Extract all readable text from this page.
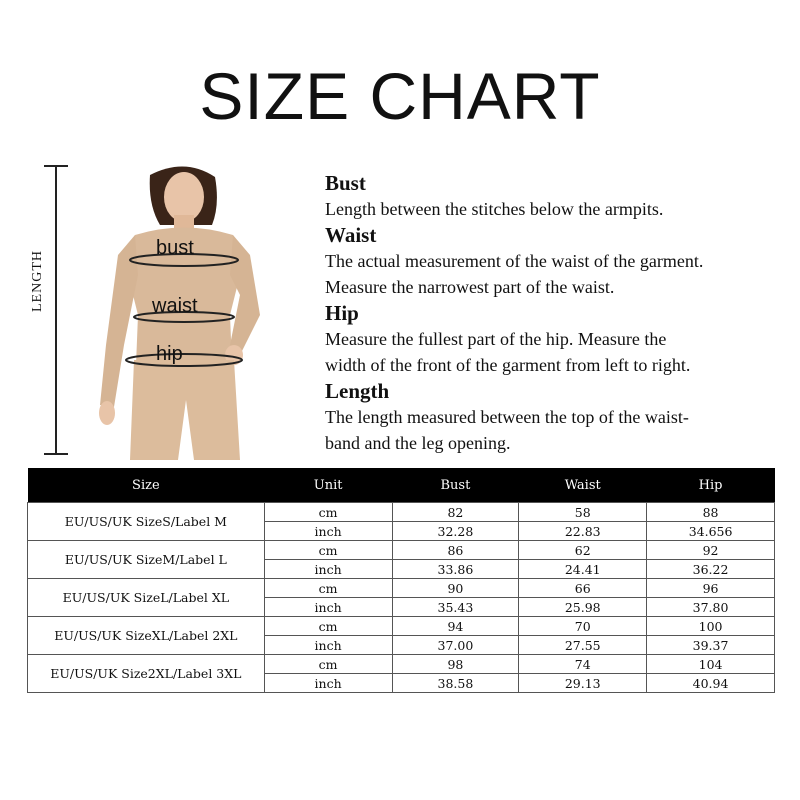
SIZE CHART
LENGTH
bust
waist
hip
Bust
Length between the stitches below the armpits.
Waist
The actual measurement of the waist of the garment.
Measure the narrowest part of the waist.
Hip
Measure the fullest part of the hip. Measure the
width of the front of the garment from left to right.
Length
The length measured between the top of the waist-
band and the leg opening.
Size	Unit	Bust	Waist	Hip
EU/US/UK SizeS/Label M	cm	82	58	88
	inch	32.28	22.83	34.656
EU/US/UK SizeM/Label L	cm	86	62	92
	inch	33.86	24.41	36.22
EU/US/UK SizeL/Label XL	cm	90	66	96
	inch	35.43	25.98	37.80
EU/US/UK SizeXL/Label 2XL	cm	94	70	100
	inch	37.00	27.55	39.37
EU/US/UK Size2XL/Label 3XL	cm	98	74	104
	inch	38.58	29.13	40.94
